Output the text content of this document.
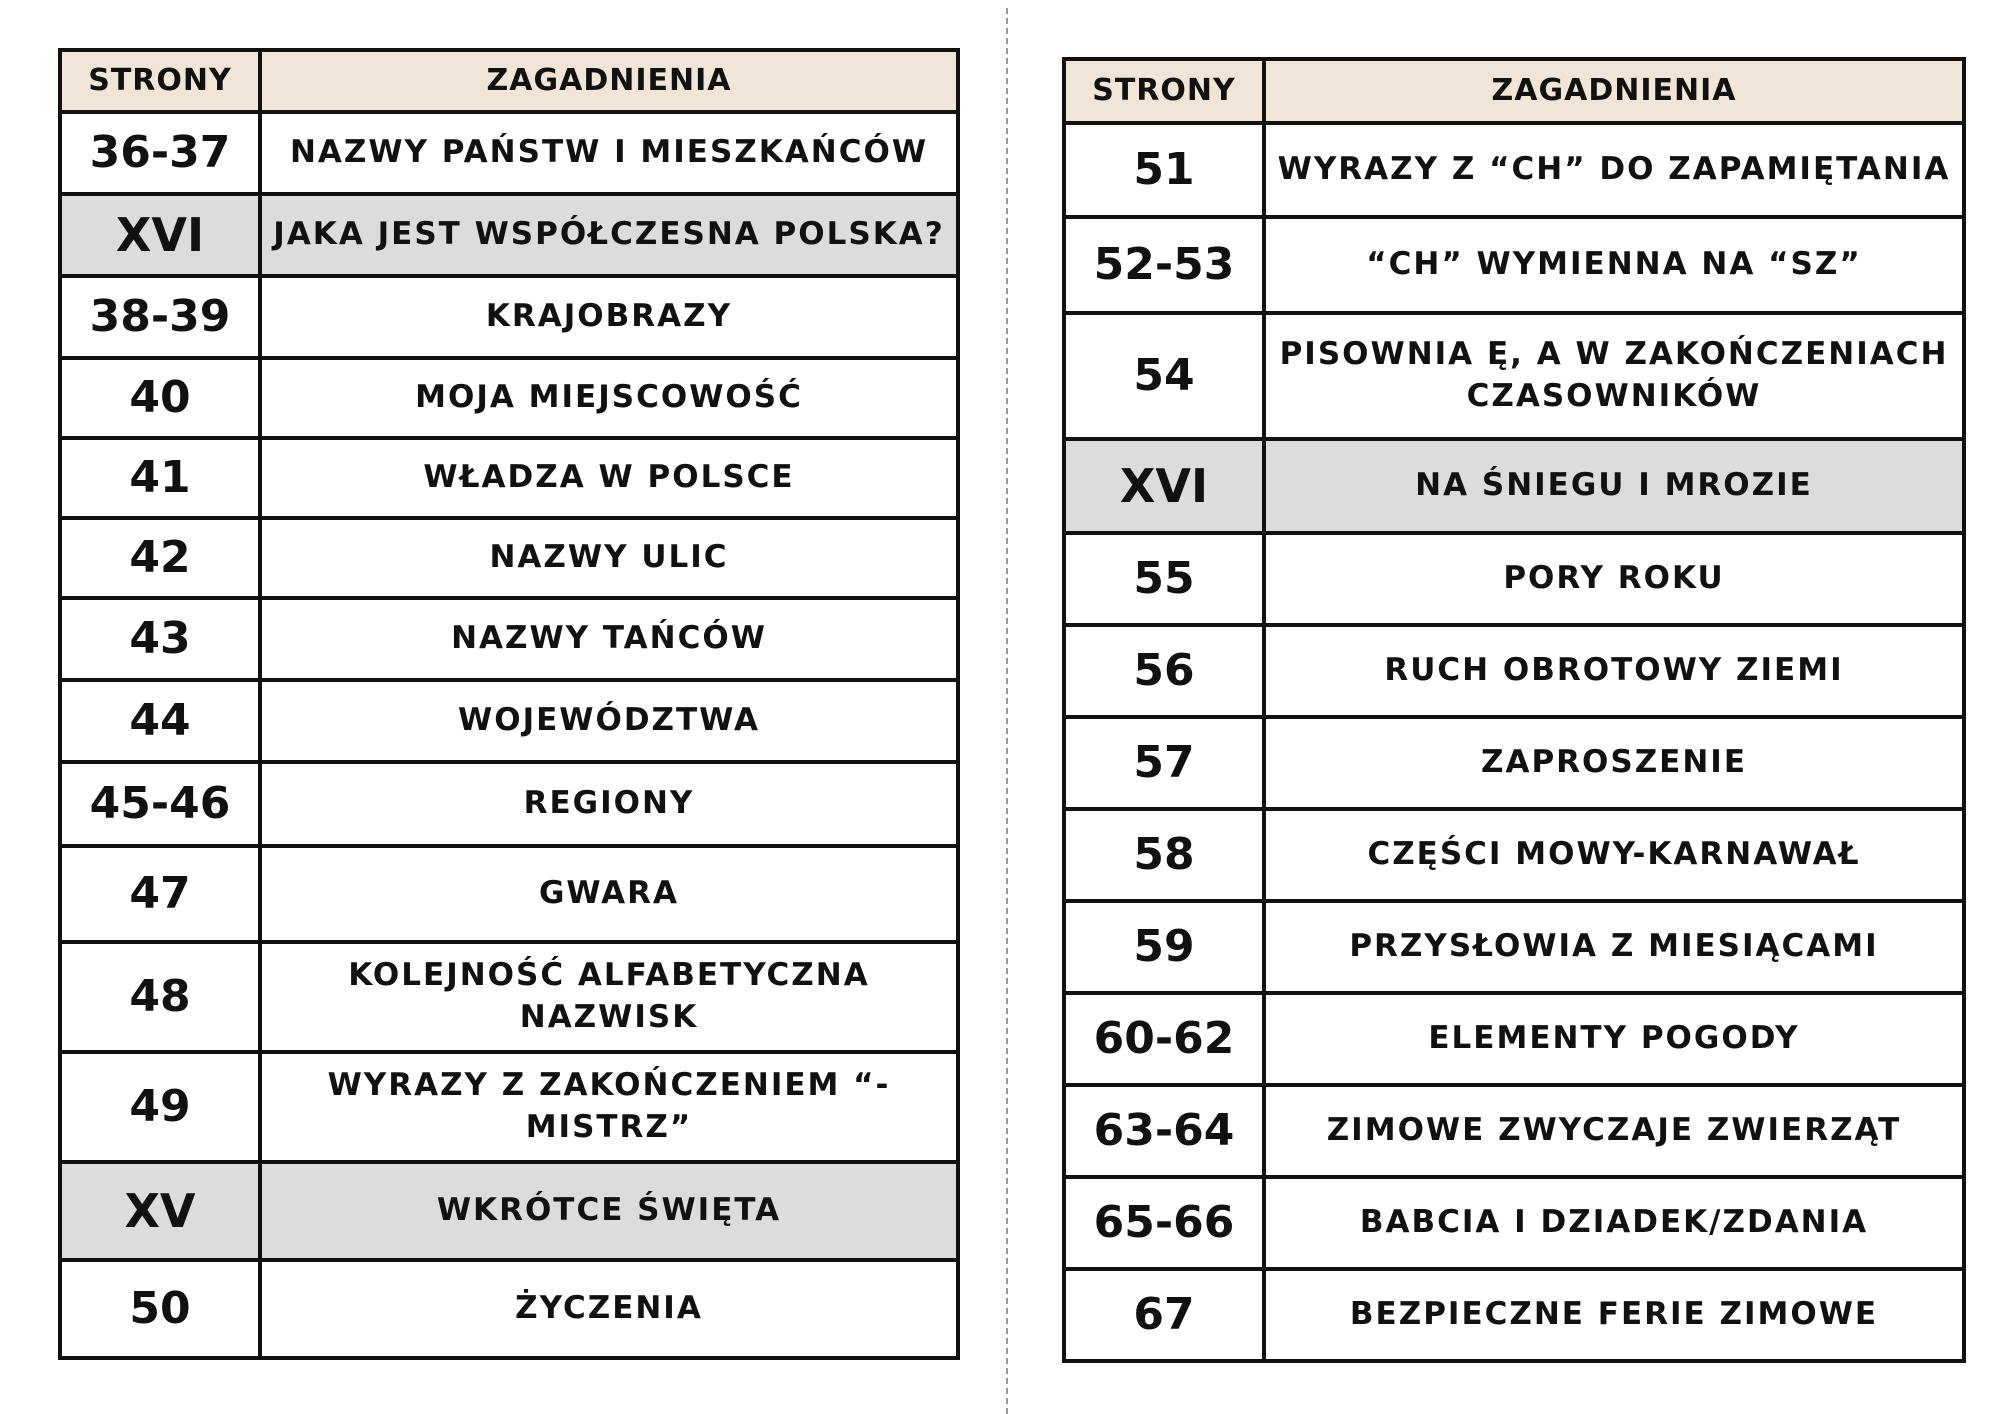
STRONY	ZAGADNIENIA
36-37	NAZWY PAŃSTW I MIESZKAŃCÓW
XVI	JAKA JEST WSPÓŁCZESNA POLSKA?
38-39	KRAJOBRAZY
40	MOJA MIEJSCOWOŚĆ
41	WŁADZA W POLSCE
42	NAZWY ULIC
43	NAZWY TAŃCÓW
44	WOJEWÓDZTWA
45-46	REGIONY
47	GWARA
48	KOLEJNOŚĆ ALFABETYCZNA NAZWISK
49	WYRAZY Z ZAKOŃCZENIEM “-MISTRZ”
XV	WKRÓTCE ŚWIĘTA
50	ŻYCZENIA
STRONY	ZAGADNIENIA
51	WYRAZY Z “CH” DO ZAPAMIĘTANIA
52-53	“CH” WYMIENNA NA “SZ”
54	PISOWNIA Ę, A W ZAKOŃCZENIACH CZASOWNIKÓW
XVI	NA ŚNIEGU I MROZIE
55	PORY ROKU
56	RUCH OBROTOWY ZIEMI
57	ZAPROSZENIE
58	CZĘŚCI MOWY-KARNAWAŁ
59	PRZYSŁOWIA Z MIESIĄCAMI
60-62	ELEMENTY POGODY
63-64	ZIMOWE ZWYCZAJE ZWIERZĄT
65-66	BABCIA I DZIADEK/ZDANIA
67	BEZPIECZNE FERIE ZIMOWE
